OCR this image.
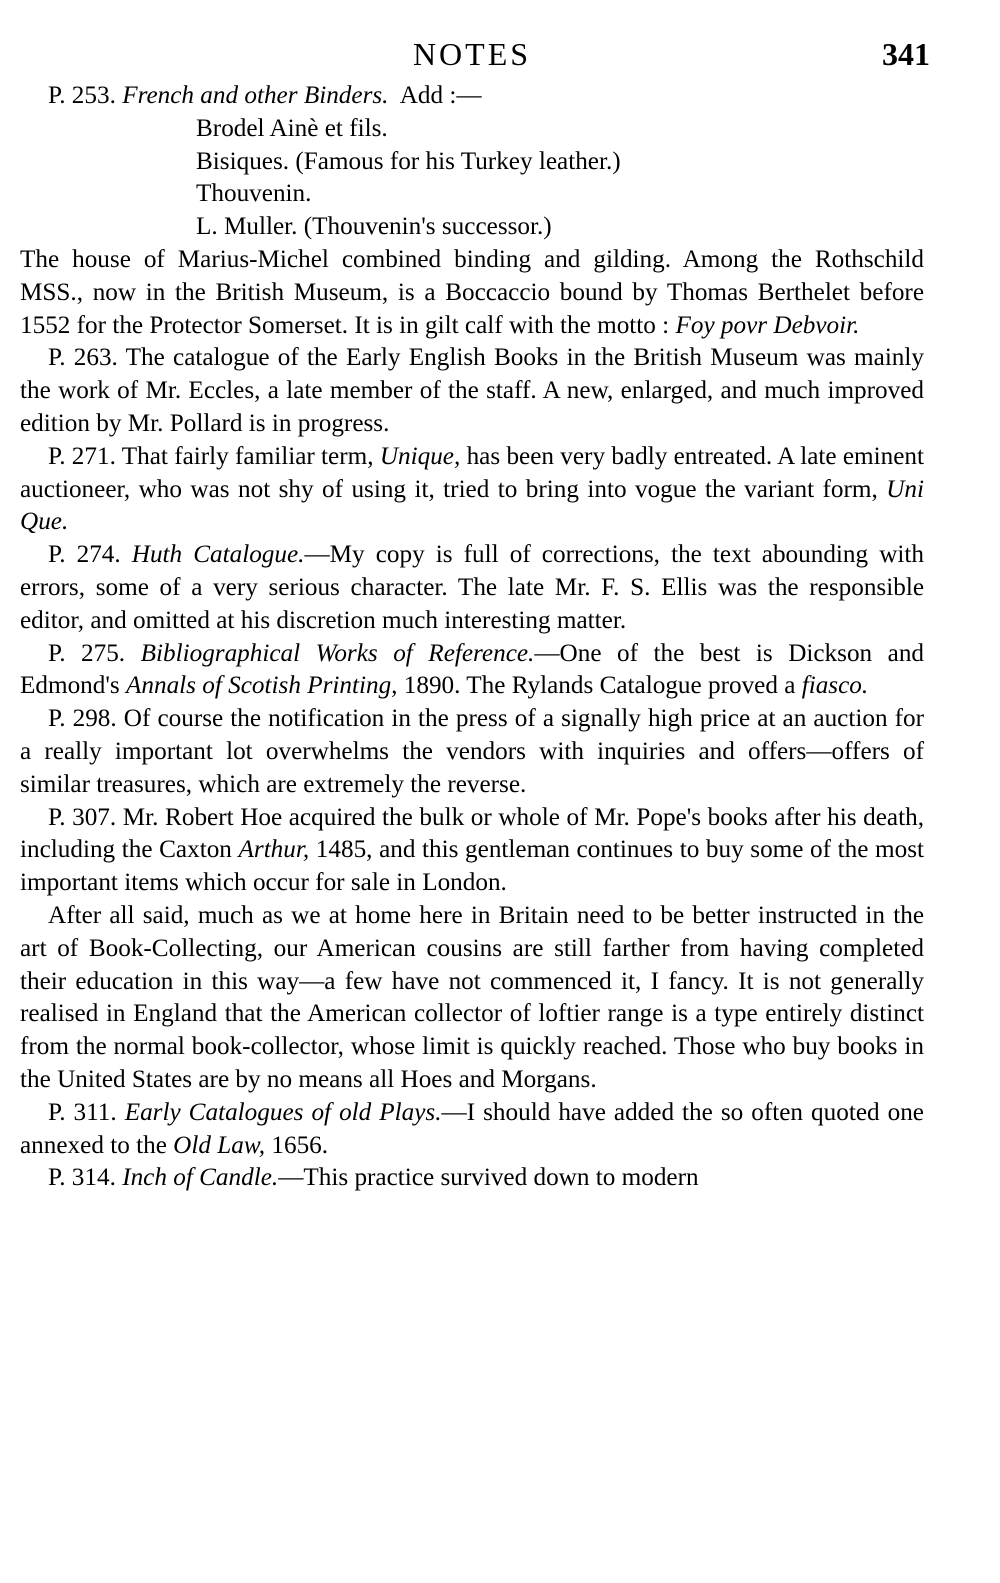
NOTES	341

P. 253. French and other Binders. Add :—

Brodel Ainè et fils.
Bisiques. (Famous for his Turkey leather.)
Thouvenin.
L. Muller. (Thouvenin's successor.)

The house of Marius-Michel combined binding and gilding. Among the Rothschild MSS., now in the British Museum, is a Boccaccio bound by Thomas Berthelet before 1552 for the Protector Somerset. It is in gilt calf with the motto : Foy povr Debvoir.

P. 263. The catalogue of the Early English Books in the British Museum was mainly the work of Mr. Eccles, a late member of the staff. A new, enlarged, and much improved edition by Mr. Pollard is in progress.

P. 271. That fairly familiar term, Unique, has been very badly entreated. A late eminent auctioneer, who was not shy of using it, tried to bring into vogue the variant form, Uni Que.

P. 274. Huth Catalogue.—My copy is full of corrections, the text abounding with errors, some of a very serious character. The late Mr. F. S. Ellis was the responsible editor, and omitted at his discretion much interesting matter.

P. 275. Bibliographical Works of Reference.—One of the best is Dickson and Edmond's Annals of Scotish Printing, 1890. The Rylands Catalogue proved a fiasco.

P. 298. Of course the notification in the press of a signally high price at an auction for a really important lot overwhelms the vendors with inquiries and offers—offers of similar treasures, which are extremely the reverse.

P. 307. Mr. Robert Hoe acquired the bulk or whole of Mr. Pope's books after his death, including the Caxton Arthur, 1485, and this gentleman continues to buy some of the most important items which occur for sale in London.

After all said, much as we at home here in Britain need to be better instructed in the art of Book-Collecting, our American cousins are still farther from having completed their education in this way—a few have not commenced it, I fancy. It is not generally realised in England that the American collector of loftier range is a type entirely distinct from the normal book-collector, whose limit is quickly reached. Those who buy books in the United States are by no means all Hoes and Morgans.

P. 311. Early Catalogues of old Plays.—I should have added the so often quoted one annexed to the Old Law, 1656.

P. 314. Inch of Candle.—This practice survived down to modern
